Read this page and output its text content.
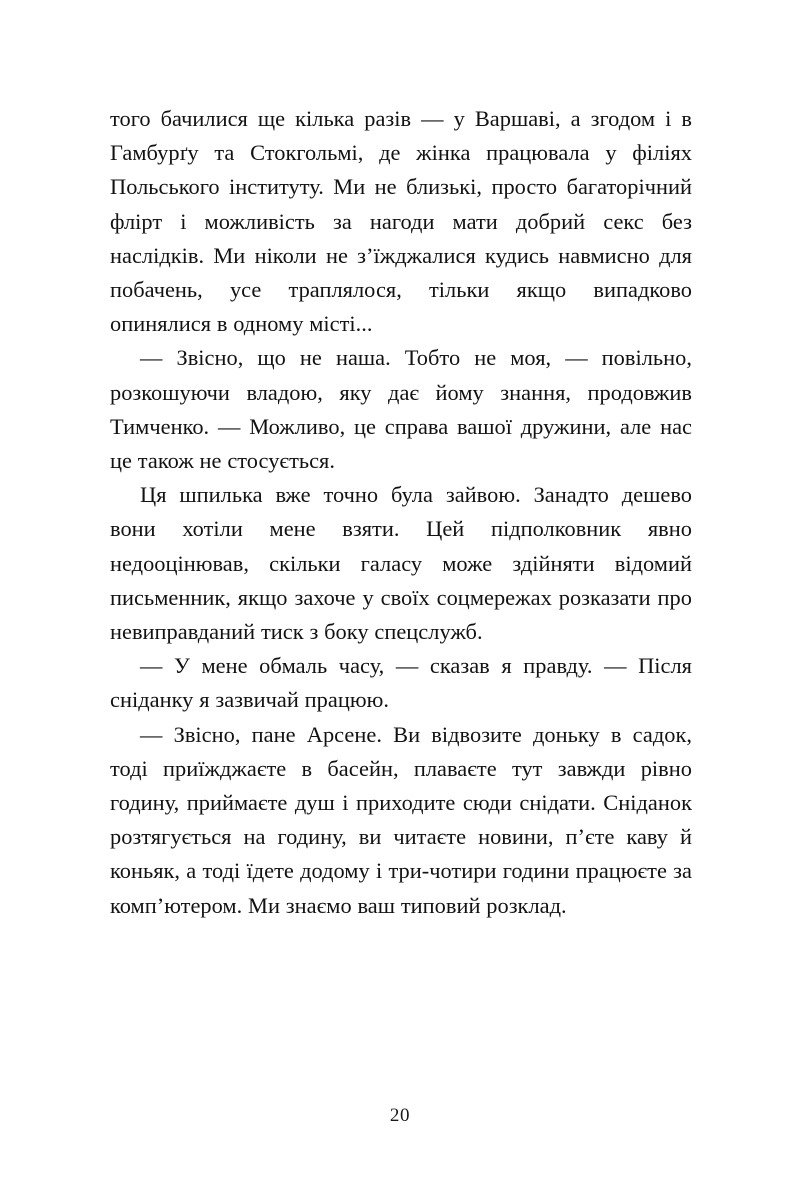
того бачилися ще кілька разів — у Варшаві, а згодом і в Гамбурґу та Стокгольмі, де жінка працювала у філіях Польського інституту. Ми не близькі, просто багаторічний флірт і можливість за нагоди мати добрий секс без наслідків. Ми ніколи не з’їжджалися кудись навмисно для побачень, усе траплялося, тільки якщо випадково опинялися в одному місті...

— Звісно, що не наша. Тобто не моя, — повільно, розкошуючи владою, яку дає йому знання, продовжив Тимченко. — Можливо, це справа вашої дружини, але нас це також не стосується.

Ця шпилька вже точно була зайвою. Занадто дешево вони хотіли мене взяти. Цей підполковник явно недооцінював, скільки галасу може здійняти відомий письменник, якщо захоче у своїх соцмережах розказати про невиправданий тиск з боку спецслужб.

— У мене обмаль часу, — сказав я правду. — Після сніданку я зазвичай працюю.

— Звісно, пане Арсене. Ви відвозите доньку в садок, тоді приїжджаєте в басейн, плаваєте тут завжди рівно годину, приймаєте душ і приходите сюди снідати. Сніданок розтягується на годину, ви читаєте новини, п’єте каву й коньяк, а тоді їдете додому і три-чотири години працюєте за комп’ютером. Ми знаємо ваш типовий розклад.

20
